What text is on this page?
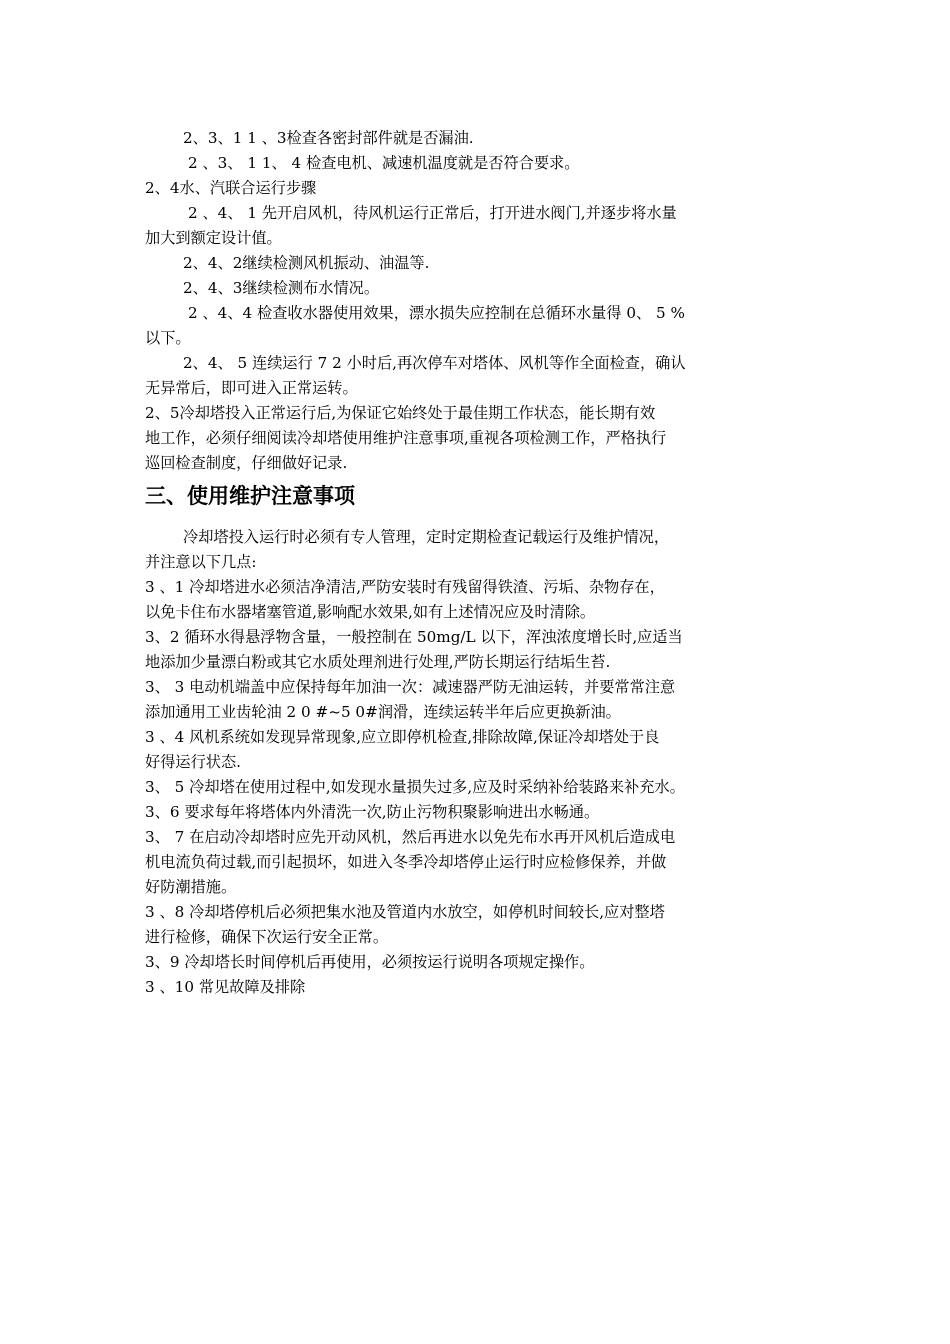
2、3、1 1 、3检查各密封部件就是否漏油.

2 、3、 1 1、 4 检查电机、减速机温度就是否符合要求。

2、4水、汽联合运行步骤

2 、4、 1 先开启风机，待风机运行正常后，打开进水阀门,并逐步将水量

加大到额定设计值。

2、4、2继续检测风机振动、油温等.

2、4、3继续检测布水情况。

2 、4、4 检查收水器使用效果，漂水损失应控制在总循环水量得 0、 5 %

以下。

2、4、 5 连续运行 7 2 小时后,再次停车对塔体、风机等作全面检查，确认

无异常后，即可进入正常运转。

2、5冷却塔投入正常运行后,为保证它始终处于最佳期工作状态，能长期有效

地工作，必须仔细阅读冷却塔使用维护注意事项,重视各项检测工作，严格执行

巡回检查制度，仔细做好记录.

三、使用维护注意事项

冷却塔投入运行时必须有专人管理，定时定期检查记载运行及维护情况，

并注意以下几点:

3 、1 冷却塔进水必须洁净清洁,严防安装时有残留得铁渣、污垢、杂物存在，

以免卡住布水器堵塞管道,影响配水效果,如有上述情况应及时清除。

3、2 循环水得悬浮物含量，一般控制在 50mg/L 以下，浑浊浓度增长时,应适当

地添加少量漂白粉或其它水质处理剂进行处理,严防长期运行结垢生苔.

3、 3 电动机端盖中应保持每年加油一次：减速器严防无油运转，并要常常注意

添加通用工业齿轮油 2 0 #~5 0#润滑，连续运转半年后应更换新油。

3 、4 风机系统如发现异常现象,应立即停机检查,排除故障,保证冷却塔处于良

好得运行状态.

3、 5 冷却塔在使用过程中,如发现水量损失过多,应及时采纳补给装路来补充水。

3、6 要求每年将塔体内外清洗一次,防止污物积聚影响进出水畅通。

3、 7 在启动冷却塔时应先开动风机，然后再进水以免先布水再开风机后造成电

机电流负荷过载,而引起损坏，如进入冬季冷却塔停止运行时应检修保养，并做

好防潮措施。

3 、8 冷却塔停机后必须把集水池及管道内水放空，如停机时间较长,应对整塔

进行检修，确保下次运行安全正常。

3、9 冷却塔长时间停机后再使用，必须按运行说明各项规定操作。

3 、10 常见故障及排除
